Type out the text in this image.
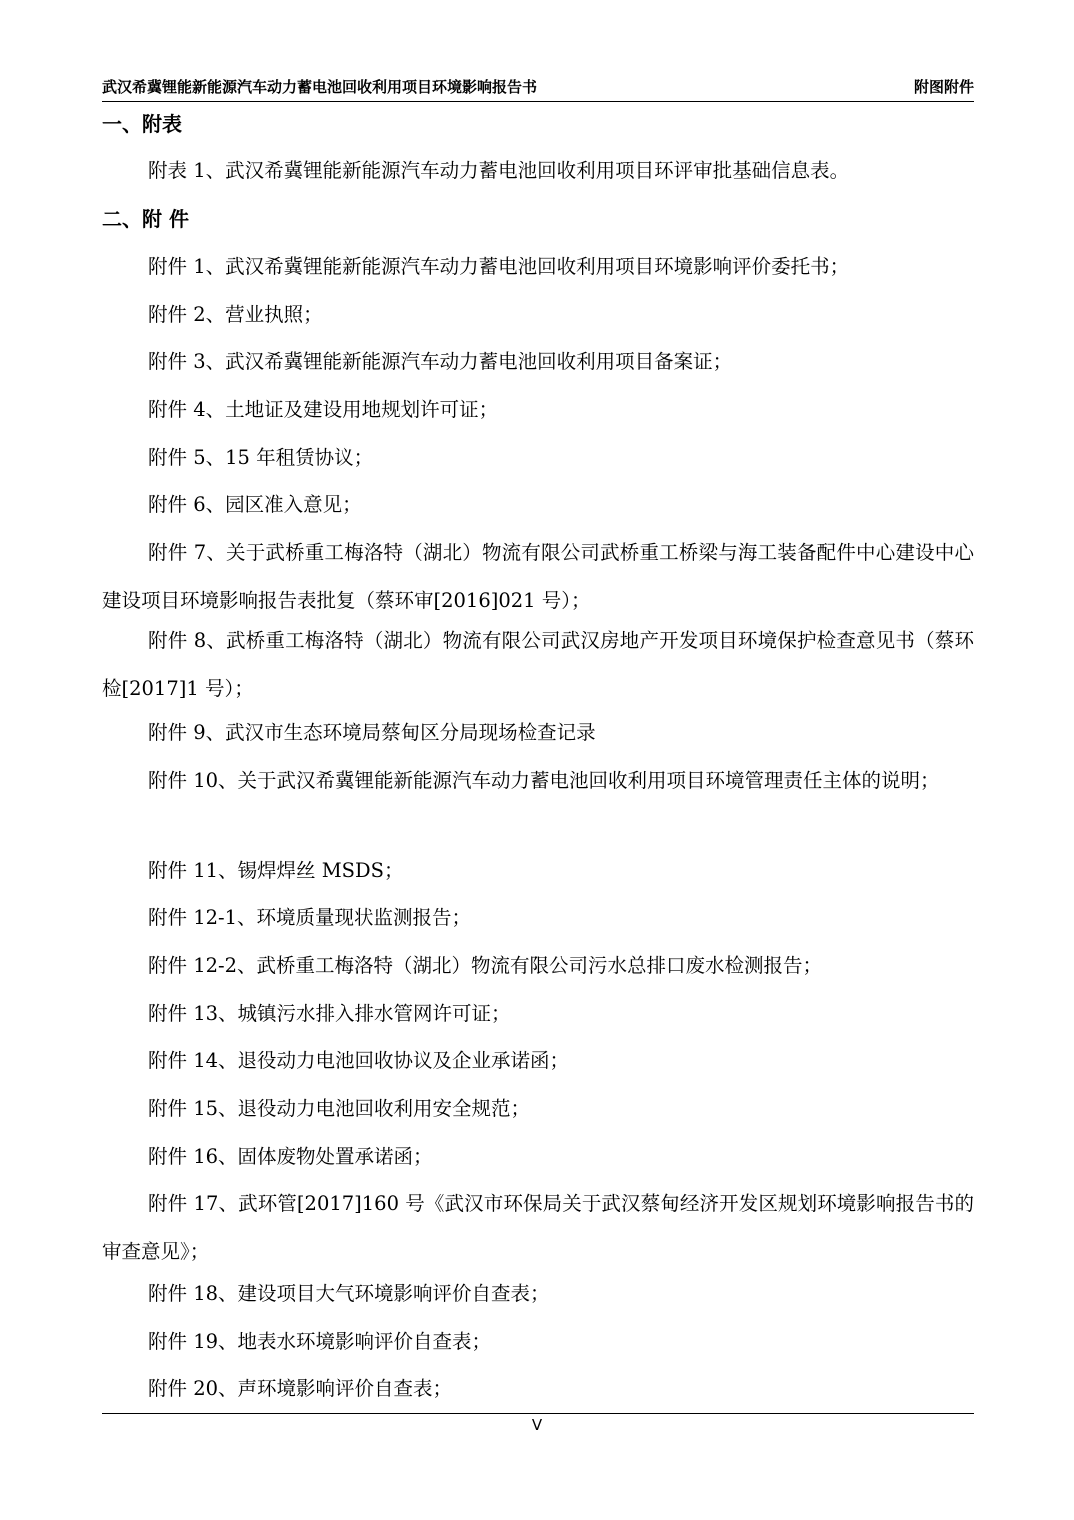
武汉希冀锂能新能源汽车动力蓄电池回收利用项目环境影响报告书	附图附件
一、附表
附表 1、武汉希冀锂能新能源汽车动力蓄电池回收利用项目环评审批基础信息表。
二、附 件
附件 1、武汉希冀锂能新能源汽车动力蓄电池回收利用项目环境影响评价委托书；
附件 2、营业执照；
附件 3、武汉希冀锂能新能源汽车动力蓄电池回收利用项目备案证；
附件 4、土地证及建设用地规划许可证；
附件 5、15 年租赁协议；
附件 6、园区准入意见；
附件 7、关于武桥重工梅洛特（湖北）物流有限公司武桥重工桥梁与海工装备配件中心建设中心建设项目环境影响报告表批复（蔡环审[2016]021 号）；
附件 8、武桥重工梅洛特（湖北）物流有限公司武汉房地产开发项目环境保护检查意见书（蔡环检[2017]1 号）；
附件 9、武汉市生态环境局蔡甸区分局现场检查记录
附件 10、关于武汉希冀锂能新能源汽车动力蓄电池回收利用项目环境管理责任主体的说明；
附件 11、锡焊焊丝 MSDS；
附件 12-1、环境质量现状监测报告；
附件 12-2、武桥重工梅洛特（湖北）物流有限公司污水总排口废水检测报告；
附件 13、城镇污水排入排水管网许可证；
附件 14、退役动力电池回收协议及企业承诺函；
附件 15、退役动力电池回收利用安全规范；
附件 16、固体废物处置承诺函；
附件 17、武环管[2017]160 号《武汉市环保局关于武汉蔡甸经济开发区规划环境影响报告书的审查意见》；
附件 18、建设项目大气环境影响评价自查表；
附件 19、地表水环境影响评价自查表；
附件 20、声环境影响评价自查表；
V
